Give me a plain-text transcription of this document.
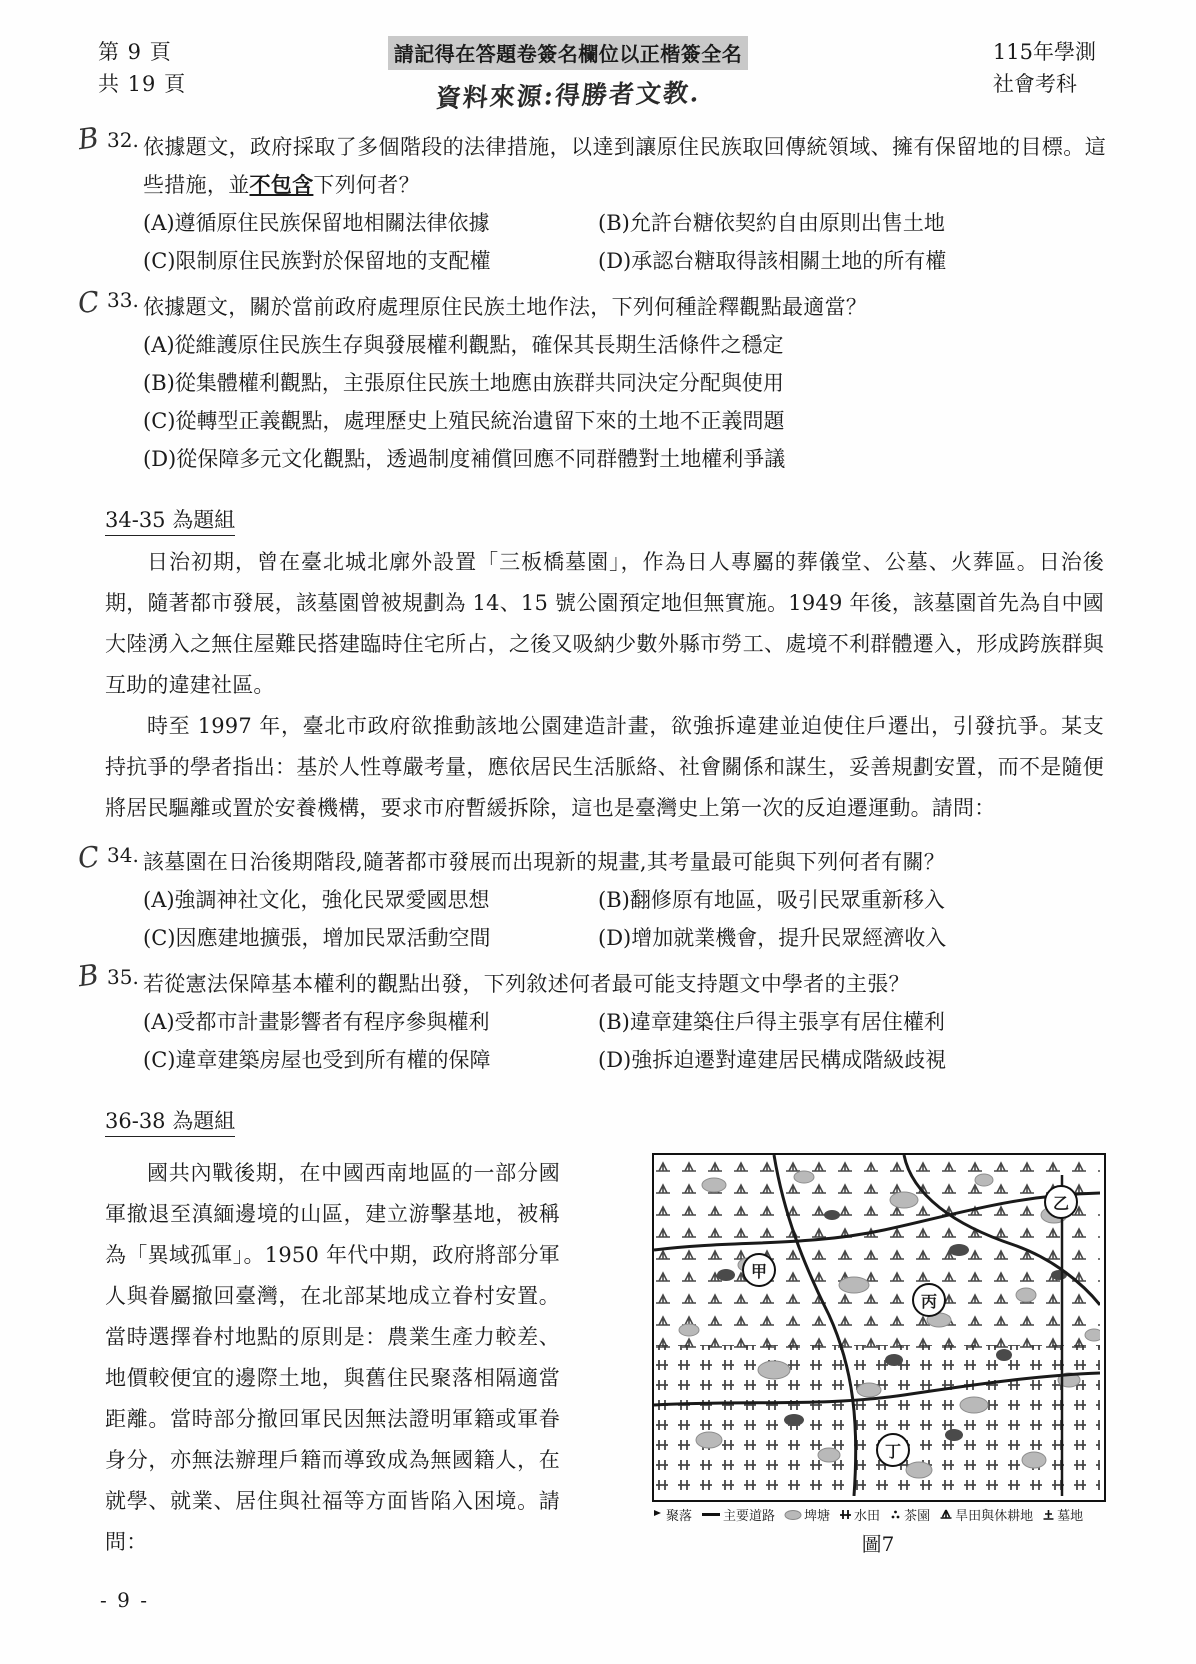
第 9 頁
共 19 頁
請記得在答題卷簽名欄位以正楷簽全名 資料來源:得勝者文教.
115年學測
社會考科
B 32. 依據題文，政府採取了多個階段的法律措施，以達到讓原住民族取回傳統領域、擁有保留地的目標。這些措施，並不包含下列何者？
(A)遵循原住民族保留地相關法律依據	(B)允許台糖依契約自由原則出售土地
(C)限制原住民族對於保留地的支配權	(D)承認台糖取得該相關土地的所有權
C 33. 依據題文，關於當前政府處理原住民族土地作法，下列何種詮釋觀點最適當？
(A)從維護原住民族生存與發展權利觀點，確保其長期生活條件之穩定
(B)從集體權利觀點，主張原住民族土地應由族群共同決定分配與使用
(C)從轉型正義觀點，處理歷史上殖民統治遺留下來的土地不正義問題
(D)從保障多元文化觀點，透過制度補償回應不同群體對土地權利爭議
34-35 為題組
日治初期，曾在臺北城北廓外設置「三板橋墓園」，作為日人專屬的葬儀堂、公墓、火葬區。日治後期，隨著都市發展，該墓園曾被規劃為 14、15 號公園預定地但無實施。1949 年後，該墓園首先為自中國大陸湧入之無住屋難民搭建臨時住宅所占，之後又吸納少數外縣市勞工、處境不利群體遷入，形成跨族群與互助的違建社區。
時至 1997 年，臺北市政府欲推動該地公園建造計畫，欲強拆違建並迫使住戶遷出，引發抗爭。某支持抗爭的學者指出：基於人性尊嚴考量，應依居民生活脈絡、社會關係和謀生，妥善規劃安置，而不是隨便將居民驅離或置於安養機構，要求市府暫緩拆除，這也是臺灣史上第一次的反迫遷運動。請問：
C 34. 該墓園在日治後期階段,隨著都市發展而出現新的規畫,其考量最可能與下列何者有關？
(A)強調神社文化，強化民眾愛國思想	(B)翻修原有地區，吸引民眾重新移入
(C)因應建地擴張，增加民眾活動空間	(D)增加就業機會，提升民眾經濟收入
B 35. 若從憲法保障基本權利的觀點出發，下列敘述何者最可能支持題文中學者的主張？
(A)受都市計畫影響者有程序參與權利	(B)違章建築住戶得主張享有居住權利
(C)違章建築房屋也受到所有權的保障	(D)強拆迫遷對違建居民構成階級歧視
36-38 為題組
國共內戰後期，在中國西南地區的一部分國軍撤退至滇緬邊境的山區，建立游擊基地，被稱為「異域孤軍」。1950 年代中期，政府將部分軍人與眷屬撤回臺灣，在北部某地成立眷村安置。當時選擇眷村地點的原則是：農業生產力較差、地價較便宜的邊際土地，與舊住民聚落相隔適當距離。當時部分撤回軍民因無法證明軍籍或軍眷身分，亦無法辦理戶籍而導致成為無國籍人，在就學、就業、居住與社福等方面皆陷入困境。請問：
甲
乙
丙
丁
聚落 主要道路 埤塘 水田 茶園 旱田與休耕地 墓地
圖7
- 9 -
